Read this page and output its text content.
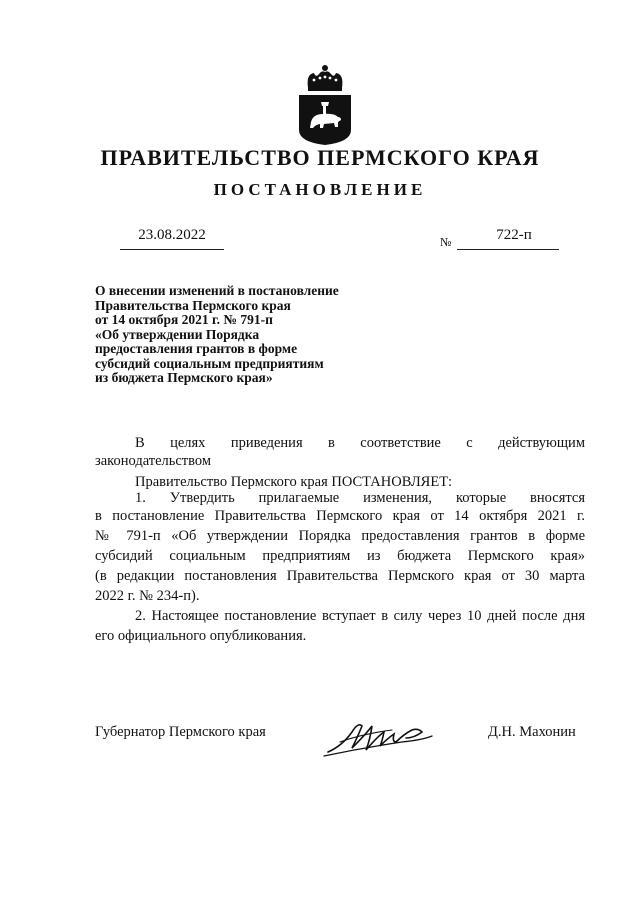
ПРАВИТЕЛЬСТВО ПЕРМСКОГО КРАЯ
ПОСТАНОВЛЕНИЕ
23.08.2022	№	722-п
О внесении изменений в постановление
Правительства Пермского края
от 14 октября 2021 г. № 791-п
«Об утверждении Порядка
предоставления грантов в форме
субсидий социальным предприятиям
из бюджета Пермского края»
В целях приведения в соответствие с действующим
законодательством
Правительство Пермского края ПОСТАНОВЛЯЕТ:
1. Утвердить прилагаемые изменения, которые вносятся
в постановление Правительства Пермского края от 14 октября 2021 г.
№ 791-п «Об утверждении Порядка предоставления грантов в форме
субсидий социальным предприятиям из бюджета Пермского края»
(в редакции постановления Правительства Пермского края от 30 марта
2022 г. № 234-п).
2. Настоящее постановление вступает в силу через 10 дней после дня
его официального опубликования.
Губернатор Пермского края	Д.Н. Махонин
